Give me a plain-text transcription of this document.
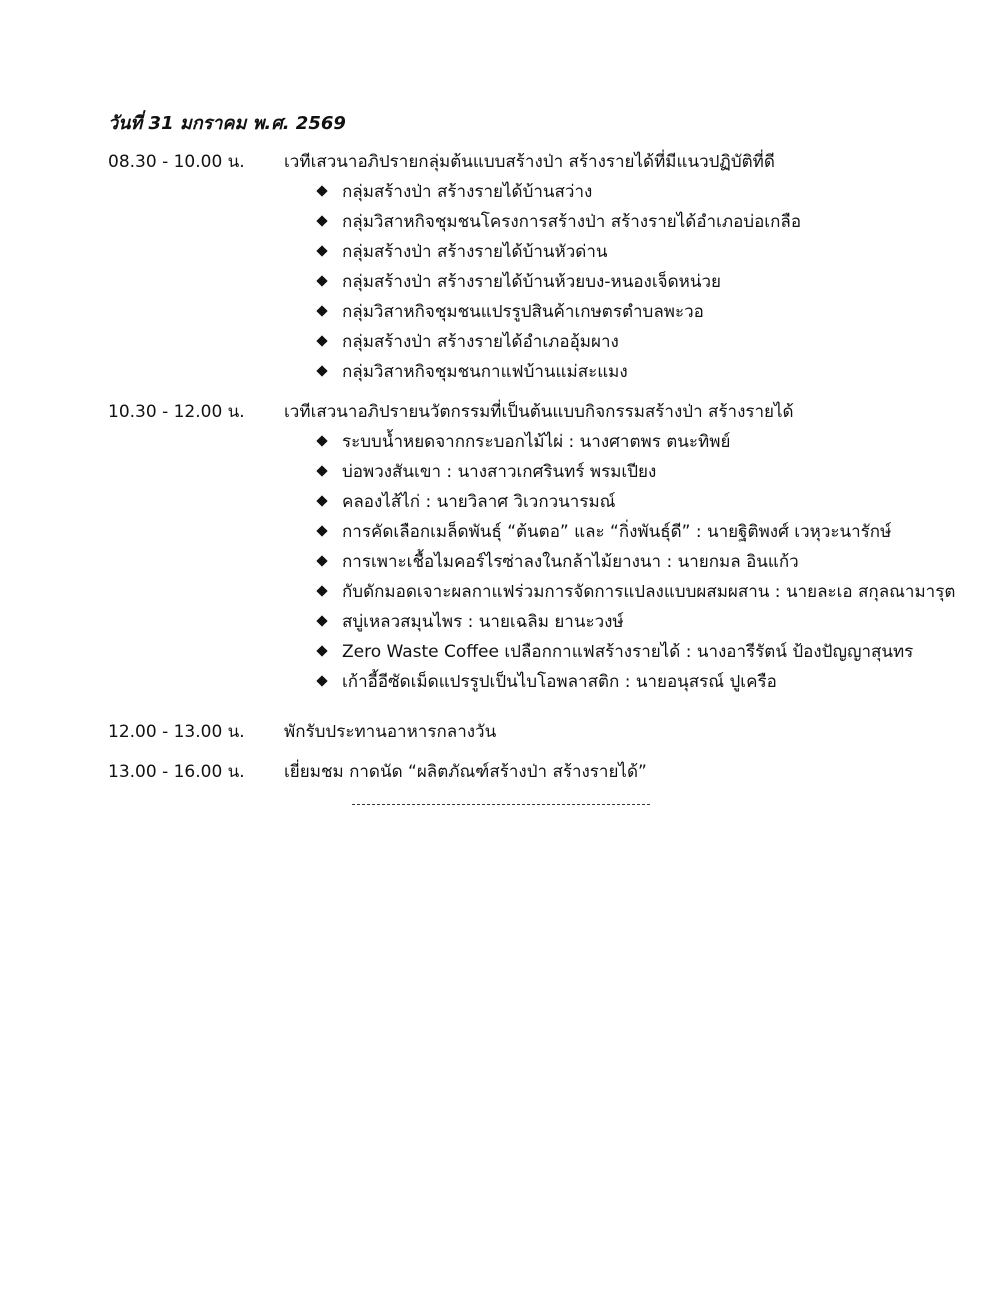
วันที่ 31 มกราคม พ.ศ. 2569
08.30 - 10.00 น. เวทีเสวนาอภิปรายกลุ่มต้นแบบสร้างป่า สร้างรายได้ที่มีแนวปฏิบัติที่ดี
กลุ่มสร้างป่า สร้างรายได้บ้านสว่าง
กลุ่มวิสาหกิจชุมชนโครงการสร้างป่า สร้างรายได้อำเภอบ่อเกลือ
กลุ่มสร้างป่า สร้างรายได้บ้านหัวด่าน
กลุ่มสร้างป่า สร้างรายได้บ้านห้วยบง-หนองเจ็ดหน่วย
กลุ่มวิสาหกิจชุมชนแปรรูปสินค้าเกษตรตำบลพะวอ
กลุ่มสร้างป่า สร้างรายได้อำเภออุ้มผาง
กลุ่มวิสาหกิจชุมชนกาแฟบ้านแม่สะแมง
10.30 - 12.00 น. เวทีเสวนาอภิปรายนวัตกรรมที่เป็นต้นแบบกิจกรรมสร้างป่า สร้างรายได้
ระบบน้ำหยดจากกระบอกไม้ไผ่ : นางศาตพร ตนะทิพย์
บ่อพวงสันเขา : นางสาวเกศรินทร์ พรมเปียง
คลองไส้ไก่ : นายวิลาศ วิเวกวนารมณ์
การคัดเลือกเมล็ดพันธุ์ “ต้นตอ” และ “กิ่งพันธุ์ดี” : นายฐิติพงศ์ เวหุวะนารักษ์
การเพาะเชื้อไมคอร์ไรซ่าลงในกล้าไม้ยางนา : นายกมล อินแก้ว
กับดักมอดเจาะผลกาแฟร่วมการจัดการแปลงแบบผสมผสาน : นายละเอ สกุลณามารุต
สบู่เหลวสมุนไพร : นายเฉลิม ยานะวงษ์
Zero Waste Coffee เปลือกกาแฟสร้างรายได้ : นางอารีรัตน์ ป้องปัญญาสุนทร
เก้าอี้อีซัดเม็ดแปรรูปเป็นไบโอพลาสติก : นายอนุสรณ์ ปูเครือ
12.00 - 13.00 น. พักรับประทานอาหารกลางวัน
13.00 - 16.00 น. เยี่ยมชม กาดนัด “ผลิตภัณฑ์สร้างป่า สร้างรายได้”
